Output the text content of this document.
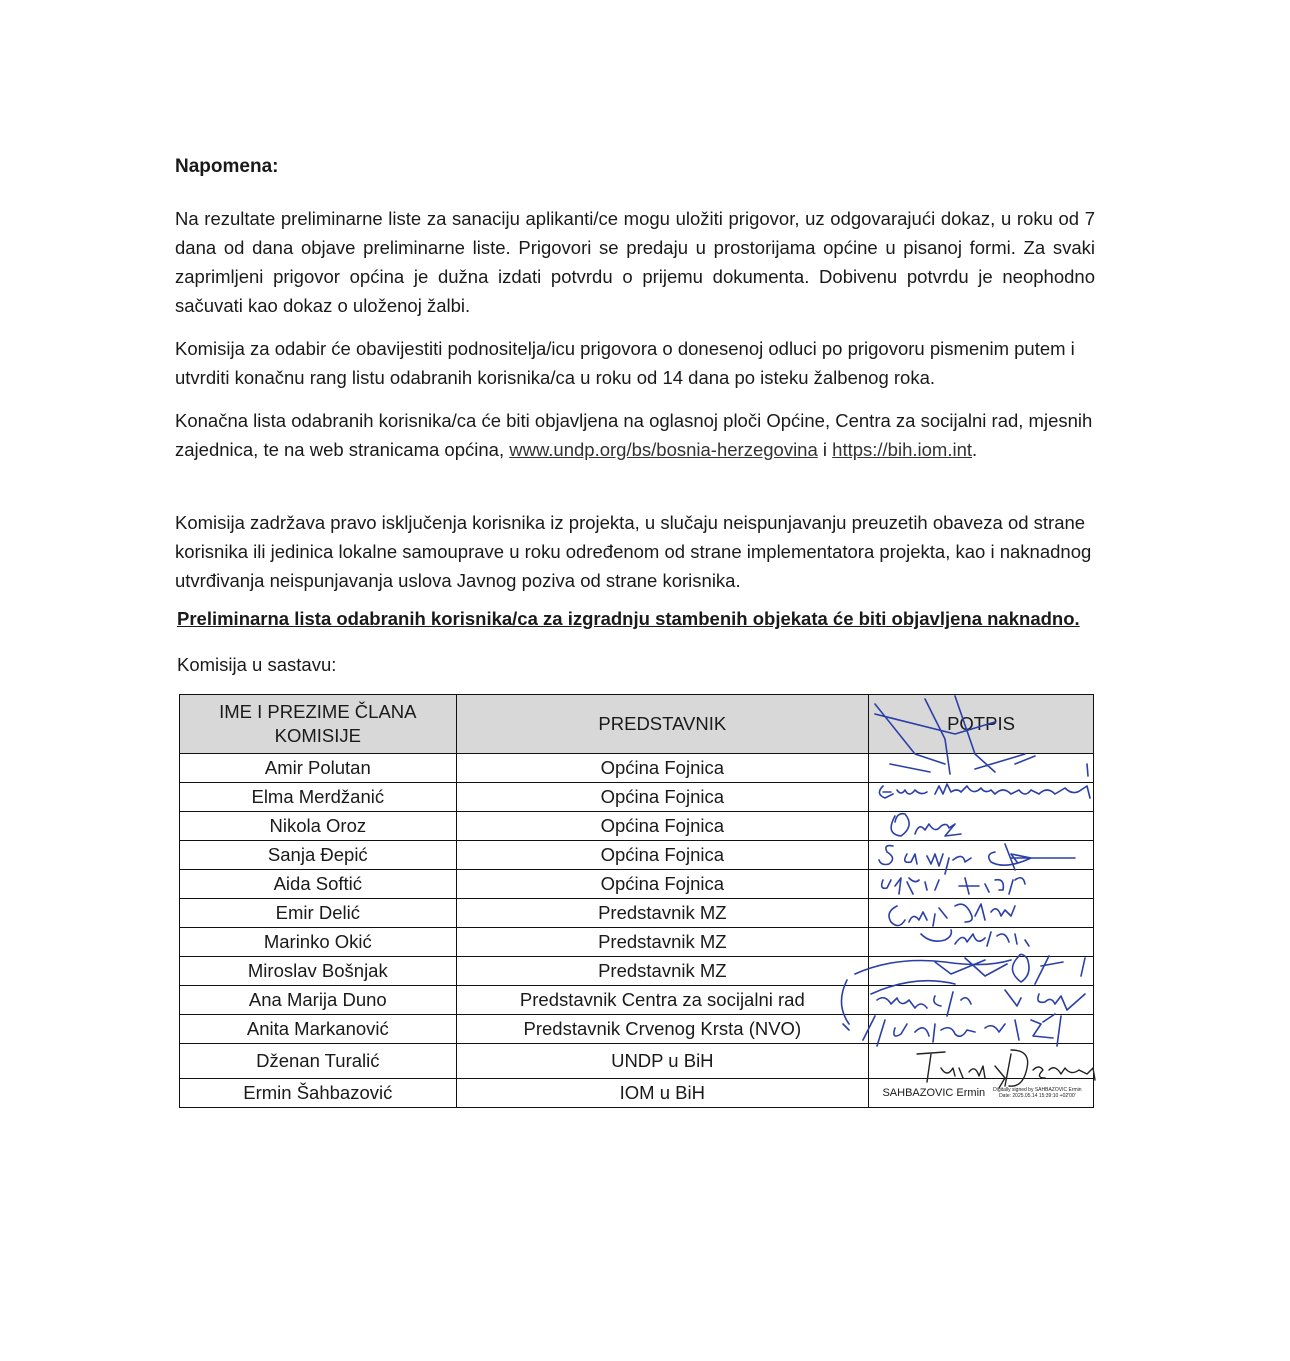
Napomena:

Na rezultate preliminarne liste za sanaciju aplikanti/ce mogu uložiti prigovor, uz odgovarajući dokaz, u roku od 7 dana od dana objave preliminarne liste. Prigovori se predaju u prostorijama općine u pisanoj formi. Za svaki zaprimljeni prigovor općina je dužna izdati potvrdu o prijemu dokumenta. Dobivenu potvrdu je neophodno sačuvati kao dokaz o uloženoj žalbi.

Komisija za odabir će obavijestiti podnositelja/icu prigovora o donesenoj odluci po prigovoru pismenim putem i utvrditi konačnu rang listu odabranih korisnika/ca u roku od 14 dana po isteku žalbenog roka.

Konačna lista odabranih korisnika/ca će biti objavljena na oglasnoj ploči Općine, Centra za socijalni rad, mjesnih zajednica, te na web stranicama općina, www.undp.org/bs/bosnia-herzegovina i https://bih.iom.int.

Komisija zadržava pravo isključenja korisnika iz projekta, u slučaju neispunjavanju preuzetih obaveza od strane korisnika ili jedinica lokalne samouprave u roku određenom od strane implementatora projekta, kao i naknadnog utvrđivanja neispunjavanja uslova Javnog poziva od strane korisnika.

Preliminarna lista odabranih korisnika/ca za izgradnju stambenih objekata će biti objavljena naknadno.

Komisija u sastavu:

IME I PREZIME ČLANA KOMISIJE	PREDSTAVNIK	POTPIS
Amir Polutan	Općina Fojnica	
Elma Merdžanić	Općina Fojnica	
Nikola Oroz	Općina Fojnica	
Sanja Đepić	Općina Fojnica	
Aida Softić	Općina Fojnica	
Emir Delić	Predstavnik MZ	
Marinko Okić	Predstavnik MZ	
Miroslav Bošnjak	Predstavnik MZ	
Ana Marija Duno	Predstavnik Centra za socijalni rad	
Anita Markanović	Predstavnik Crvenog Krsta (NVO)	
Dženan Turalić	UNDP u BiH	
Ermin Šahbazović	IOM u BiH	SAHBAZOVIC Ermin Digitally signed by SAHBAZOVIC Ermin
Date: 2025.05.14 15:39:10 +02'00'
